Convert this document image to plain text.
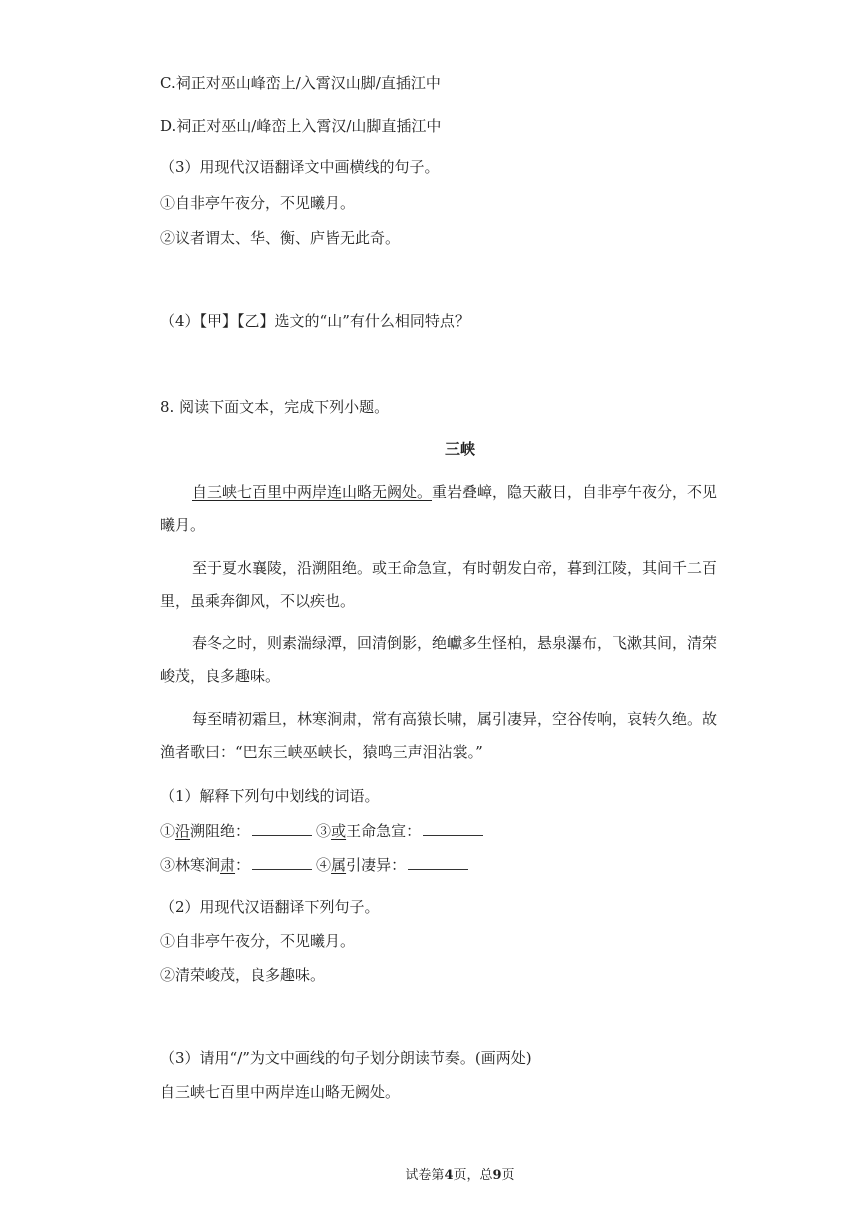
C.祠正对巫山峰峦上/入霄汉山脚/直插江中
D.祠正对巫山/峰峦上入霄汉/山脚直插江中
（3）用现代汉语翻译文中画横线的句子。
①自非亭午夜分，不见曦月。
②议者谓太、华、衡、庐皆无此奇。
（4）【甲】【乙】选文的“山”有什么相同特点？
8. 阅读下面文本，完成下列小题。
三峡
自三峡七百里中两岸连山略无阙处。重岩叠嶂，隐天蔽日，自非亭午夜分，不见
曦月。
至于夏水襄陵，沿溯阻绝。或王命急宣，有时朝发白帝，暮到江陵，其间千二百
里，虽乘奔御风，不以疾也。
春冬之时，则素湍绿潭，回清倒影，绝巘多生怪柏，悬泉瀑布，飞漱其间，清荣
峻茂，良多趣味。
每至晴初霜旦，林寒涧肃，常有高猿长啸，属引凄异，空谷传响，哀转久绝。故
渔者歌曰：“巴东三峡巫峡长，猿鸣三声泪沾裳。”
（1）解释下列句中划线的词语。
①沿溯阻绝：	③或王命急宣：
③林寒涧肃：	④属引凄异：
（2）用现代汉语翻译下列句子。
①自非亭午夜分，不见曦月。
②清荣峻茂，良多趣味。
（3）请用“/”为文中画线的句子划分朗读节奏。(画两处)
自三峡七百里中两岸连山略无阙处。
试卷第4页，总9页
